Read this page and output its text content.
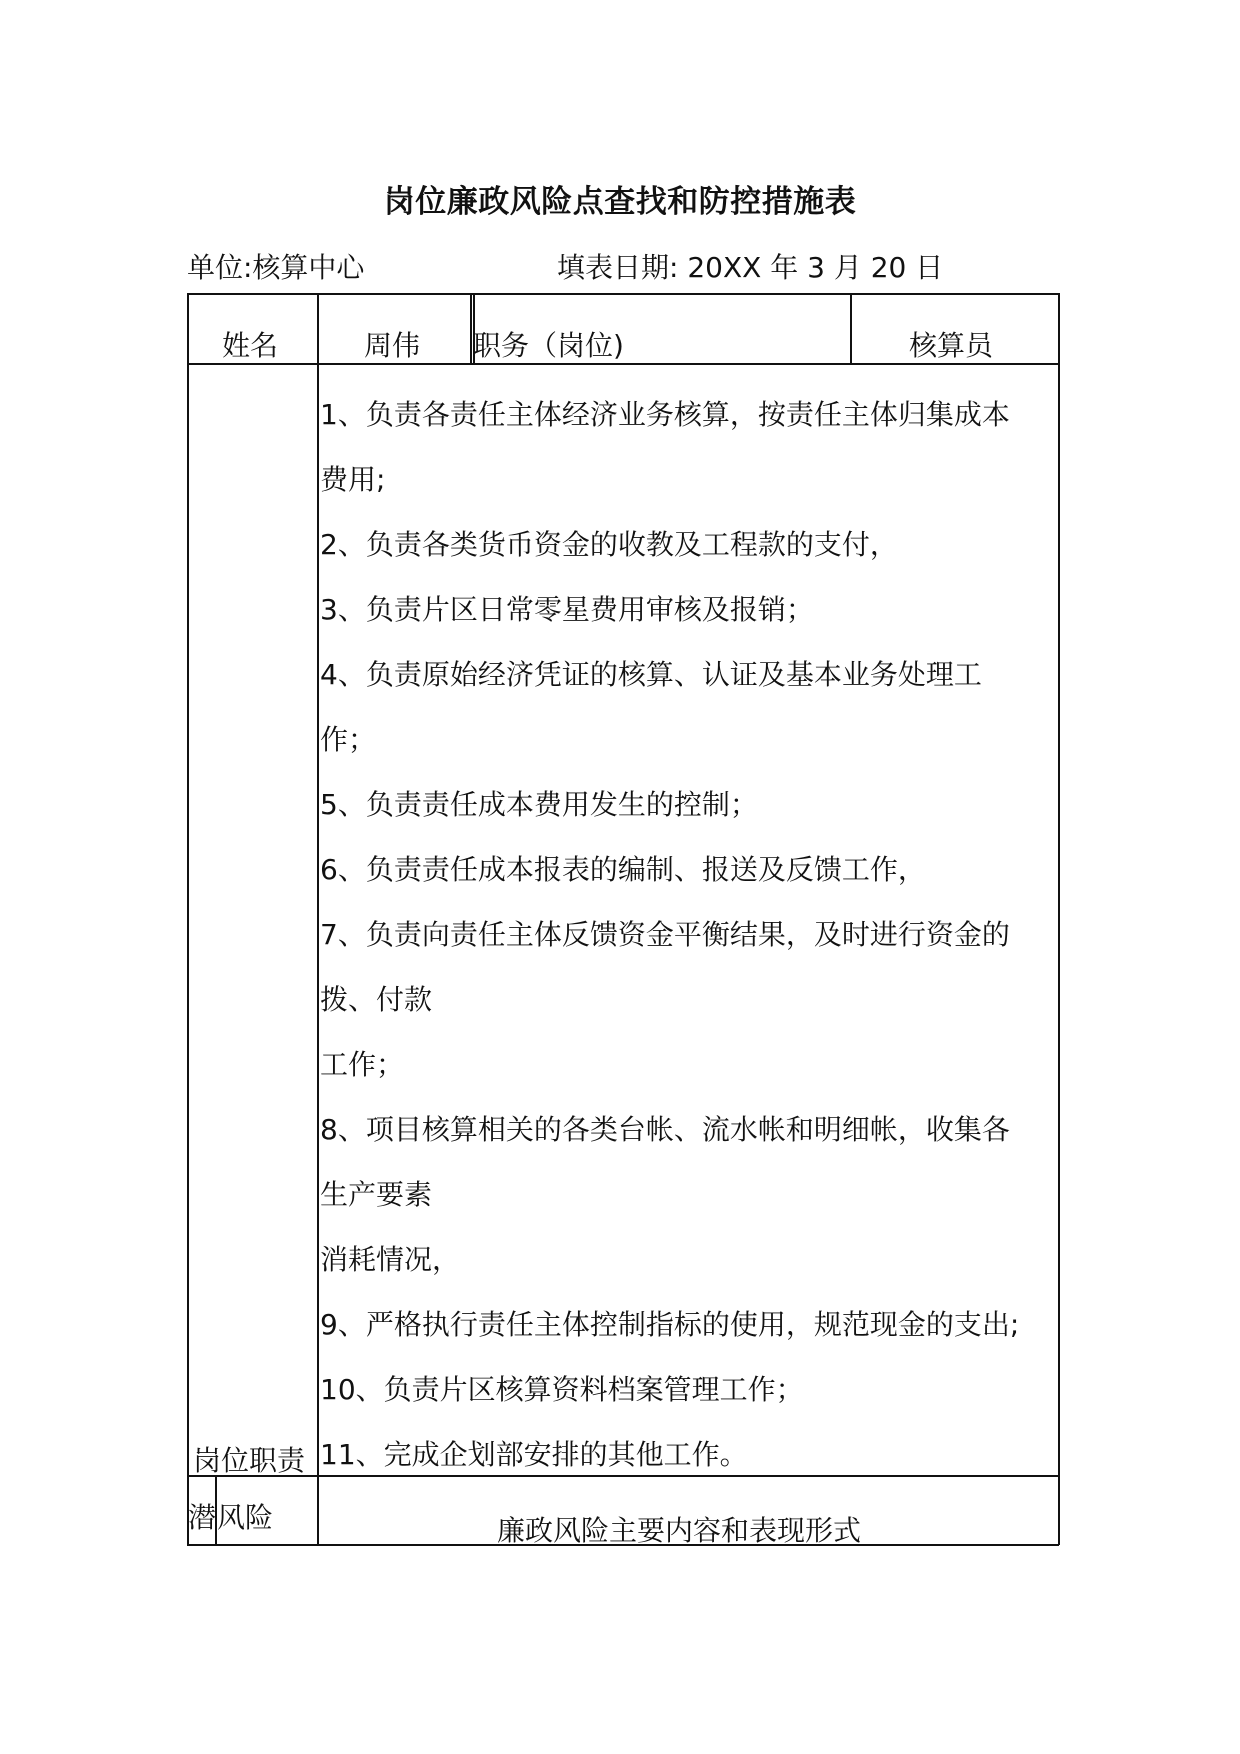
岗位廉政风险点查找和防控措施表
单位:核算中心	填表日期: 20XX 年 3 月 20 日
姓名	周伟 职务（岗位)	核算员
岗位职责
1、负责各责任主体经济业务核算，按责任主体归集成本
费用;
2、负责各类货币资金的收教及工程款的支付，
3、负责片区日常零星费用审核及报销；
4、负责原始经济凭证的核算、认证及基本业务处理工
作；
5、负责责任成本费用发生的控制；
6、负责责任成本报表的编制、报送及反馈工作，
7、负责向责任主体反馈资金平衡结果，及时进行资金的
拨、付款
工作；
8、项目核算相关的各类台帐、流水帐和明细帐，收集各
生产要素
消耗情况，
9、严格执行责任主体控制指标的使用，规范现金的支出;
10、负责片区核算资料档案管理工作；
11、完成企划部安排的其他工作。
潜 风险	廉政风险主要内容和表现形式
